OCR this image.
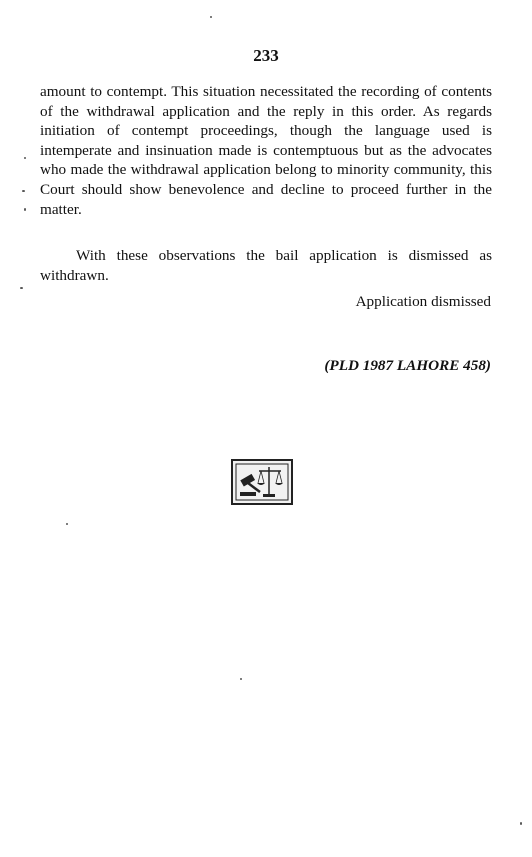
233

amount to contempt. This situation necessitated the recording of contents of the withdrawal application and the reply in this order. As regards initiation of contempt proceedings, though the language used is intemperate and insinuation made is contemptuous but as the advocates who made the withdrawal application belong to minority community, this Court should show benevolence and decline to proceed further in the matter.

With these observations the bail application is dismissed as withdrawn.

Application dismissed
(PLD 1987 LAHORE 458)
